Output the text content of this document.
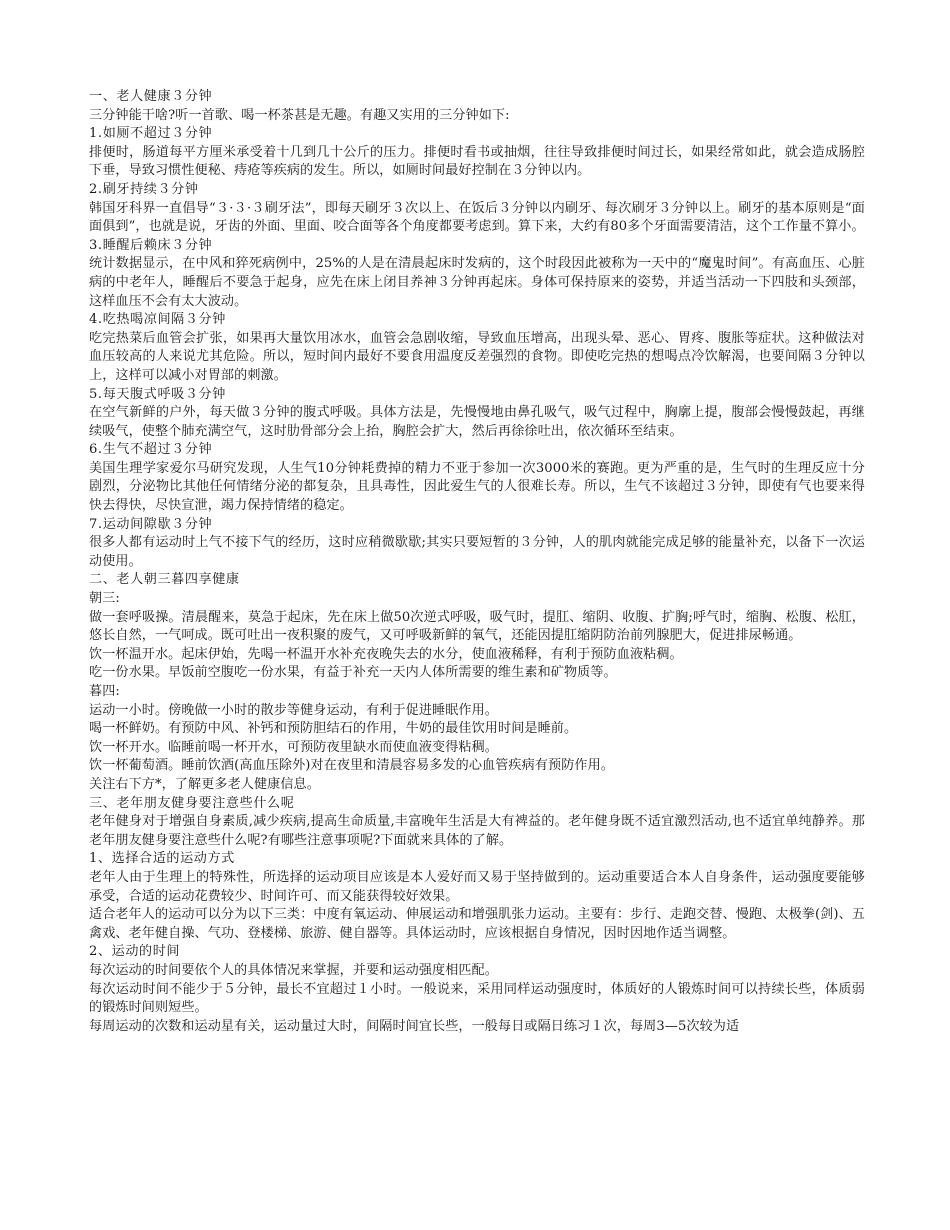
一、老人健康３分钟

三分钟能干啥?听一首歌、喝一杯茶甚是无趣。有趣又实用的三分钟如下:

1.如厕不超过３分钟

排便时，肠道每平方厘米承受着十几到几十公斤的压力。排便时看书或抽烟，往往导致排便时间过长，如果经常如此，就会造成肠腔下垂，导致习惯性便秘、痔疮等疾病的发生。所以，如厕时间最好控制在３分钟以内。

2.刷牙持续３分钟

韩国牙科界一直倡导“３·３·３刷牙法”，即每天刷牙３次以上、在饭后３分钟以内刷牙、每次刷牙３分钟以上。刷牙的基本原则是“面面俱到”，也就是说，牙齿的外面、里面、咬合面等各个角度都要考虑到。算下来，大约有80多个牙面需要清洁，这个工作量不算小。

3.睡醒后赖床３分钟

统计数据显示，在中风和猝死病例中，25%的人是在清晨起床时发病的，这个时段因此被称为一天中的“魔鬼时间”。有高血压、心脏病的中老年人，睡醒后不要急于起身，应先在床上闭目养神３分钟再起床。身体可保持原来的姿势，并适当活动一下四肢和头颈部，这样血压不会有太大波动。

4.吃热喝凉间隔３分钟

吃完热菜后血管会扩张，如果再大量饮用冰水，血管会急剧收缩，导致血压增高，出现头晕、恶心、胃疼、腹胀等症状。这种做法对血压较高的人来说尤其危险。所以，短时间内最好不要食用温度反差强烈的食物。即使吃完热的想喝点冷饮解渴，也要间隔３分钟以上，这样可以减小对胃部的刺激。

5.每天腹式呼吸３分钟

在空气新鲜的户外，每天做３分钟的腹式呼吸。具体方法是，先慢慢地由鼻孔吸气，吸气过程中，胸廓上提，腹部会慢慢鼓起，再继续吸气，使整个肺充满空气，这时肋骨部分会上抬，胸腔会扩大，然后再徐徐吐出，依次循环至结束。

6.生气不超过３分钟

美国生理学家爱尔马研究发现，人生气10分钟耗费掉的精力不亚于参加一次3000米的赛跑。更为严重的是，生气时的生理反应十分剧烈，分泌物比其他任何情绪分泌的都复杂，且具毒性，因此爱生气的人很难长寿。所以，生气不该超过３分钟，即使有气也要来得快去得快，尽快宣泄，竭力保持情绪的稳定。

7.运动间隙歇３分钟

很多人都有运动时上气不接下气的经历，这时应稍微歇歇;其实只要短暂的３分钟，人的肌肉就能完成足够的能量补充，以备下一次运动使用。

二、老人朝三暮四享健康

朝三:

做一套呼吸操。清晨醒来，莫急于起床，先在床上做50次逆式呼吸，吸气时，提肛、缩阴、收腹、扩胸;呼气时，缩胸、松腹、松肛，悠长自然，一气呵成。既可吐出一夜积聚的废气，又可呼吸新鲜的氧气，还能因提肛缩阴防治前列腺肥大，促进排尿畅通。

饮一杯温开水。起床伊始，先喝一杯温开水补充夜晚失去的水分，使血液稀释，有利于预防血液粘稠。

吃一份水果。早饭前空腹吃一份水果，有益于补充一天内人体所需要的维生素和矿物质等。

暮四:

运动一小时。傍晚做一小时的散步等健身运动，有利于促进睡眠作用。

喝一杯鲜奶。有预防中风、补钙和预防胆结石的作用，牛奶的最佳饮用时间是睡前。

饮一杯开水。临睡前喝一杯开水，可预防夜里缺水而使血液变得粘稠。

饮一杯葡萄酒。睡前饮酒(高血压除外)对在夜里和清晨容易多发的心血管疾病有预防作用。

关注右下方*，了解更多老人健康信息。

三、老年朋友健身要注意些什么呢

老年健身对于增强自身素质,减少疾病,提高生命质量,丰富晚年生活是大有裨益的。老年健身既不适宜激烈活动,也不适宜单纯静养。那老年朋友健身要注意些什么呢?有哪些注意事项呢?下面就来具体的了解。

1、选择合适的运动方式

老年人由于生理上的特殊性，所选择的运动项目应该是本人爱好而又易于坚持做到的。运动重要适合本人自身条件，运动强度要能够承受，合适的运动花费较少、时间许可、而又能获得较好效果。

适合老年人的运动可以分为以下三类：中度有氧运动、伸展运动和增强肌张力运动。主要有：步行、走跑交替、慢跑、太极拳(剑)、五禽戏、老年健自操、气功、登楼梯、旅游、健自器等。具体运动时，应该根据自身情况，因时因地作适当调整。

2、运动的时间

每次运动的时间要依个人的具体情况来掌握，并要和运动强度相匹配。

每次运动时间不能少于５分钟，最长不宜超过１小时。一般说来，采用同样运动强度时，体质好的人锻炼时间可以持续长些，体质弱的锻炼时间则短些。

每周运动的次数和运动星有关，运动量过大时，间隔时间宜长些，一般每日或隔日练习１次，每周3—5次较为适
